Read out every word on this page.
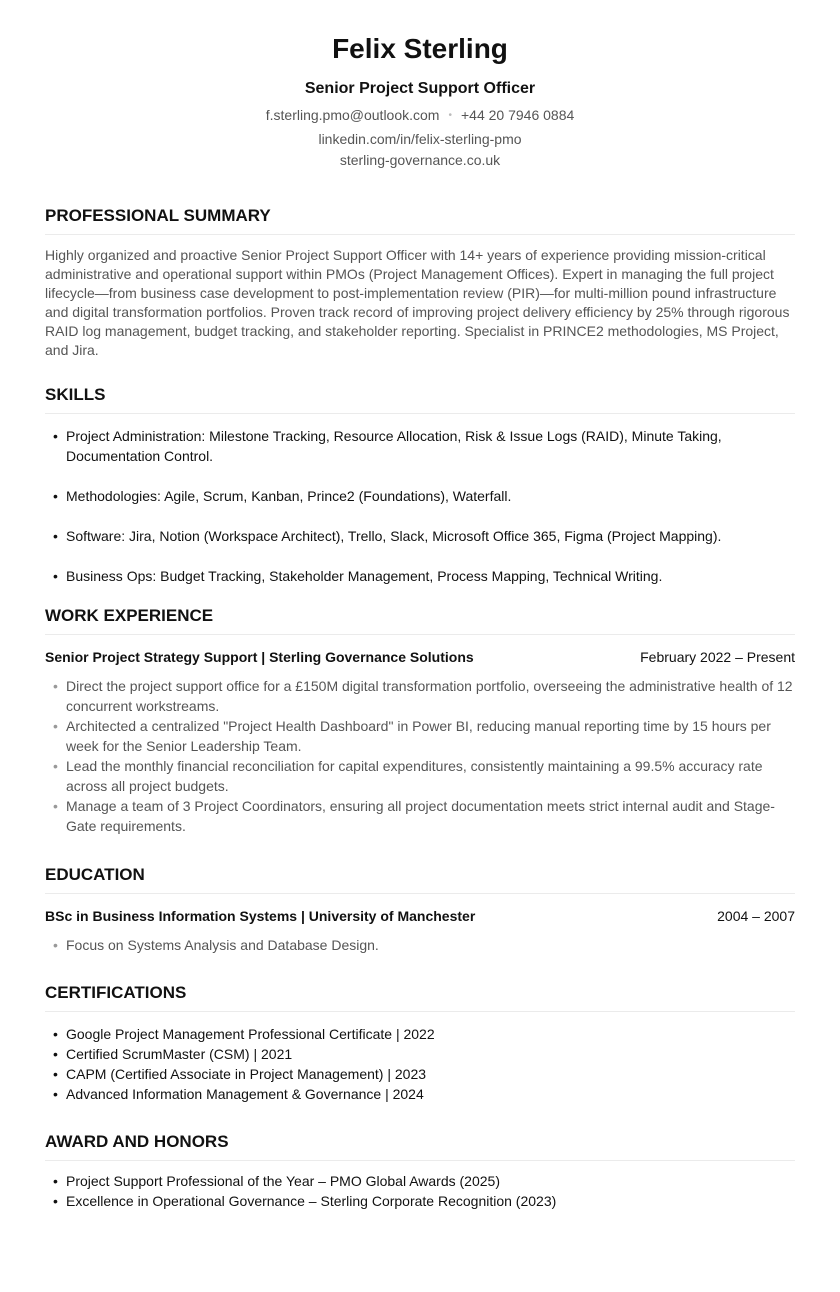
Felix Sterling
Senior Project Support Officer
f.sterling.pmo@outlook.com • +44 20 7946 0884
linkedin.com/in/felix-sterling-pmo
sterling-governance.co.uk
PROFESSIONAL SUMMARY
Highly organized and proactive Senior Project Support Officer with 14+ years of experience providing mission-critical administrative and operational support within PMOs (Project Management Offices). Expert in managing the full project lifecycle—from business case development to post-implementation review (PIR)—for multi-million pound infrastructure and digital transformation portfolios. Proven track record of improving project delivery efficiency by 25% through rigorous RAID log management, budget tracking, and stakeholder reporting. Specialist in PRINCE2 methodologies, MS Project, and Jira.
SKILLS
• Project Administration: Milestone Tracking, Resource Allocation, Risk & Issue Logs (RAID), Minute Taking, Documentation Control.
• Methodologies: Agile, Scrum, Kanban, Prince2 (Foundations), Waterfall.
• Software: Jira, Notion (Workspace Architect), Trello, Slack, Microsoft Office 365, Figma (Project Mapping).
• Business Ops: Budget Tracking, Stakeholder Management, Process Mapping, Technical Writing.
WORK EXPERIENCE
Senior Project Strategy Support | Sterling Governance Solutions	February 2022 – Present
• Direct the project support office for a £150M digital transformation portfolio, overseeing the administrative health of 12 concurrent workstreams.
• Architected a centralized "Project Health Dashboard" in Power BI, reducing manual reporting time by 15 hours per week for the Senior Leadership Team.
• Lead the monthly financial reconciliation for capital expenditures, consistently maintaining a 99.5% accuracy rate across all project budgets.
• Manage a team of 3 Project Coordinators, ensuring all project documentation meets strict internal audit and Stage-Gate requirements.
EDUCATION
BSc in Business Information Systems | University of Manchester	2004 – 2007
• Focus on Systems Analysis and Database Design.
CERTIFICATIONS
• Google Project Management Professional Certificate | 2022
• Certified ScrumMaster (CSM) | 2021
• CAPM (Certified Associate in Project Management) | 2023
• Advanced Information Management & Governance | 2024
AWARD AND HONORS
• Project Support Professional of the Year – PMO Global Awards (2025)
• Excellence in Operational Governance – Sterling Corporate Recognition (2023)
